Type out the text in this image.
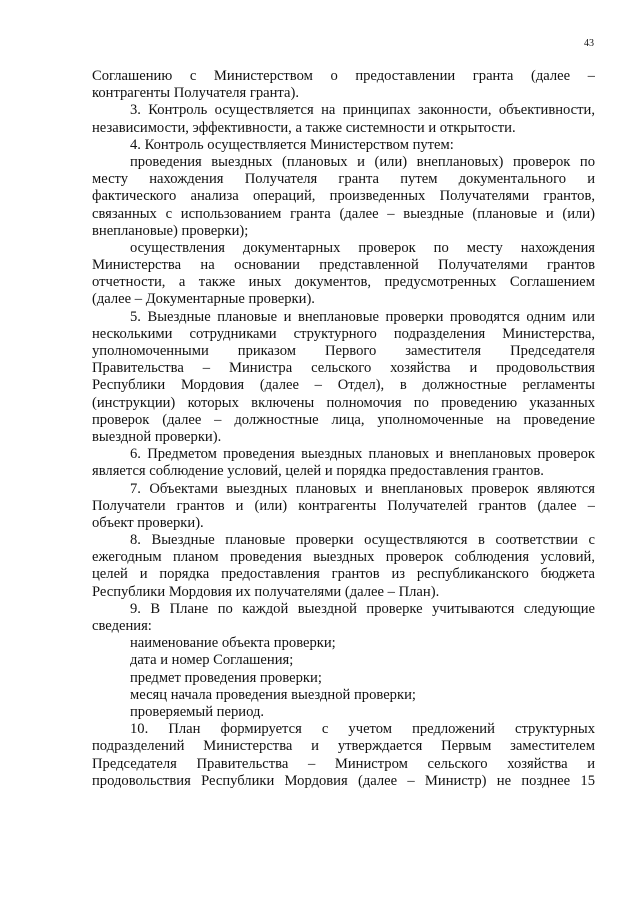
43
Соглашению с Министерством о предоставлении гранта (далее –
контрагенты Получателя гранта).
3. Контроль осуществляется на принципах законности, объективности,
независимости, эффективности, а также системности и открытости.
4. Контроль осуществляется Министерством путем:
проведения выездных (плановых и (или) внеплановых) проверок по
месту нахождения Получателя гранта путем документального и
фактического анализа операций, произведенных Получателями грантов,
связанных с использованием гранта (далее – выездные (плановые и (или)
внеплановые) проверки);
осуществления документарных проверок по месту нахождения
Министерства на основании представленной Получателями грантов
отчетности, а также иных документов, предусмотренных Соглашением
(далее – Документарные проверки).
5. Выездные плановые и внеплановые проверки проводятся одним или
несколькими сотрудниками структурного подразделения Министерства,
уполномоченными приказом Первого заместителя Председателя
Правительства – Министра сельского хозяйства и продовольствия
Республики Мордовия (далее – Отдел), в должностные регламенты
(инструкции) которых включены полномочия по проведению указанных
проверок (далее – должностные лица, уполномоченные на проведение
выездной проверки).
6. Предметом проведения выездных плановых и внеплановых проверок
является соблюдение условий, целей и порядка предоставления грантов.
7. Объектами выездных плановых и внеплановых проверок являются
Получатели грантов и (или) контрагенты Получателей грантов (далее –
объект проверки).
8. Выездные плановые проверки осуществляются в соответствии с
ежегодным планом проведения выездных проверок соблюдения условий,
целей и порядка предоставления грантов из республиканского бюджета
Республики Мордовия их получателями (далее – План).
9. В Плане по каждой выездной проверке учитываются следующие
сведения:
наименование объекта проверки;
дата и номер Соглашения;
предмет проведения проверки;
месяц начала проведения выездной проверки;
проверяемый период.
10. План формируется с учетом предложений структурных
подразделений Министерства и утверждается Первым заместителем
Председателя Правительства – Министром сельского хозяйства и
продовольствия Республики Мордовия (далее – Министр) не позднее 15
